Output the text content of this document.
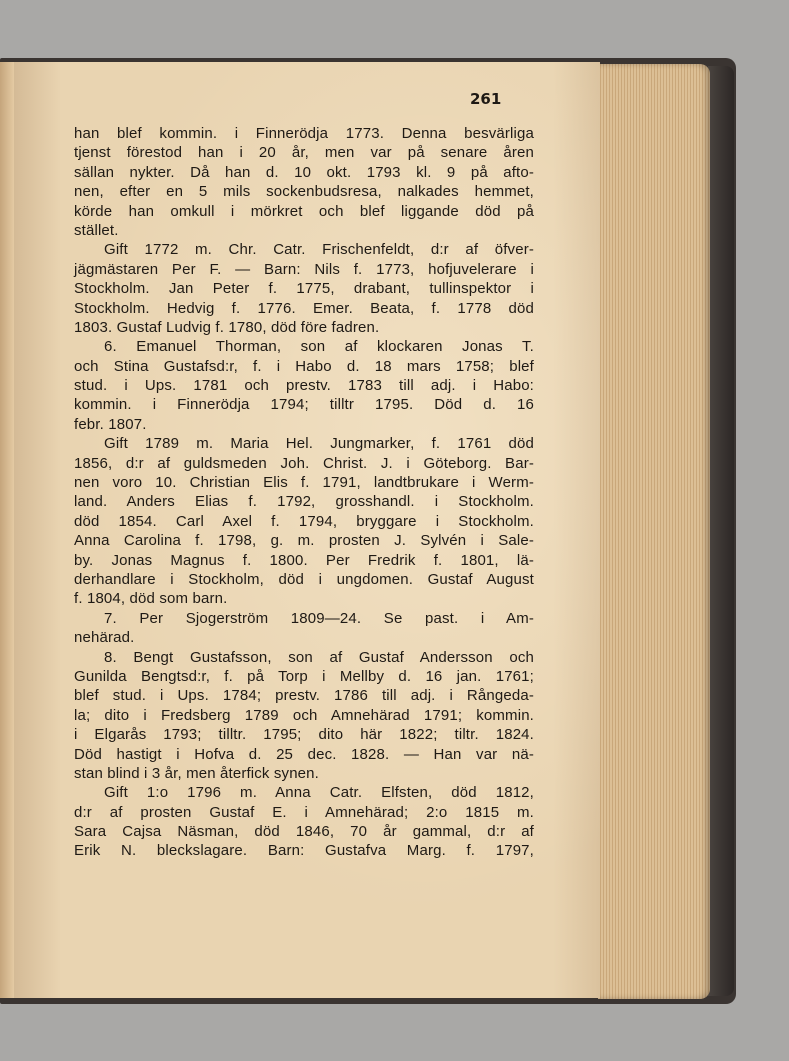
261
han blef kommin. i Finnerödja 1773. Denna besvärliga
tjenst förestod han i 20 år, men var på senare åren
sällan nykter. Då han d. 10 okt. 1793 kl. 9 på afto-
nen, efter en 5 mils sockenbudsresa, nalkades hemmet,
körde han omkull i mörkret och blef liggande död på
stället.
Gift 1772 m. Chr. Catr. Frischenfeldt, d:r af öfver-
jägmästaren Per F. — Barn: Nils f. 1773, hofjuvelerare i
Stockholm. Jan Peter f. 1775, drabant, tullinspektor i
Stockholm. Hedvig f. 1776. Emer. Beata, f. 1778 död
1803. Gustaf Ludvig f. 1780, död före fadren.
6. Emanuel Thorman, son af klockaren Jonas T.
och Stina Gustafsd:r, f. i Habo d. 18 mars 1758; blef
stud. i Ups. 1781 och prestv. 1783 till adj. i Habo:
kommin. i Finnerödja 1794; tilltr 1795. Död d. 16
febr. 1807.
Gift 1789 m. Maria Hel. Jungmarker, f. 1761 död
1856, d:r af guldsmeden Joh. Christ. J. i Göteborg. Bar-
nen voro 10. Christian Elis f. 1791, landtbrukare i Werm-
land. Anders Elias f. 1792, grosshandl. i Stockholm.
död 1854. Carl Axel f. 1794, bryggare i Stockholm.
Anna Carolina f. 1798, g. m. prosten J. Sylvén i Sale-
by. Jonas Magnus f. 1800. Per Fredrik f. 1801, lä-
derhandlare i Stockholm, död i ungdomen. Gustaf August
f. 1804, död som barn.
7. Per Sjogerström 1809—24. Se past. i Am-
nehärad.
8. Bengt Gustafsson, son af Gustaf Andersson och
Gunilda Bengtsd:r, f. på Torp i Mellby d. 16 jan. 1761;
blef stud. i Ups. 1784; prestv. 1786 till adj. i Rångeda-
la; dito i Fredsberg 1789 och Amnehärad 1791; kommin.
i Elgarås 1793; tilltr. 1795; dito här 1822; tiltr. 1824.
Död hastigt i Hofva d. 25 dec. 1828. — Han var nä-
stan blind i 3 år, men återfick synen.
Gift 1:o 1796 m. Anna Catr. Elfsten, död 1812,
d:r af prosten Gustaf E. i Amnehärad; 2:o 1815 m.
Sara Cajsa Näsman, död 1846, 70 år gammal, d:r af
Erik N. bleckslagare. Barn: Gustafva Marg. f. 1797,
